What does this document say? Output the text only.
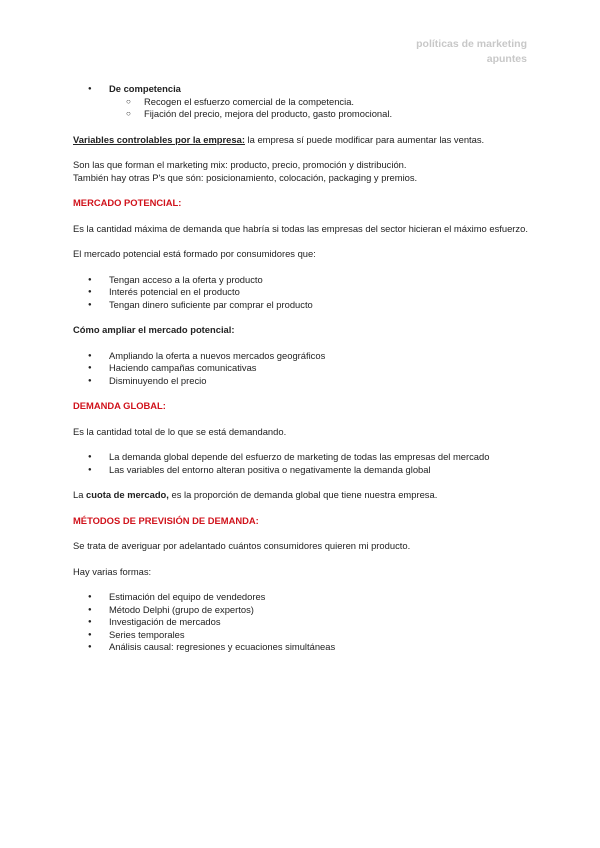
políticas de marketing
apuntes
● De competencia
○ Recogen el esfuerzo comercial de la competencia.
○ Fijación del precio, mejora del producto, gasto promocional.

Variables controlables por la empresa: la empresa sí puede modificar para aumentar las ventas.

Son las que forman el marketing mix: producto, precio, promoción y distribución.

También hay otras P's que són: posicionamiento, colocación, packaging y premios.

MERCADO POTENCIAL:

Es la cantidad máxima de demanda que habría si todas las empresas del sector hicieran el máximo esfuerzo.

El mercado potencial está formado por consumidores que:

● Tengan acceso a la oferta y producto
● Interés potencial en el producto
● Tengan dinero suficiente par comprar el producto

Cómo ampliar el mercado potencial:

● Ampliando la oferta a nuevos mercados geográficos
● Haciendo campañas comunicativas
● Disminuyendo el precio

DEMANDA GLOBAL:

Es la cantidad total de lo que se está demandando.

● La demanda global depende del esfuerzo de marketing de todas las empresas del mercado
● Las variables del entorno alteran positiva o negativamente la demanda global

La cuota de mercado, es la proporción de demanda global que tiene nuestra empresa.

MÉTODOS DE PREVISIÓN DE DEMANDA:

Se trata de averiguar por adelantado cuántos consumidores quieren mi producto.

Hay varias formas:

● Estimación del equipo de vendedores
● Método Delphi (grupo de expertos)
● Investigación de mercados
● Series temporales
● Análisis causal: regresiones y ecuaciones simultáneas
